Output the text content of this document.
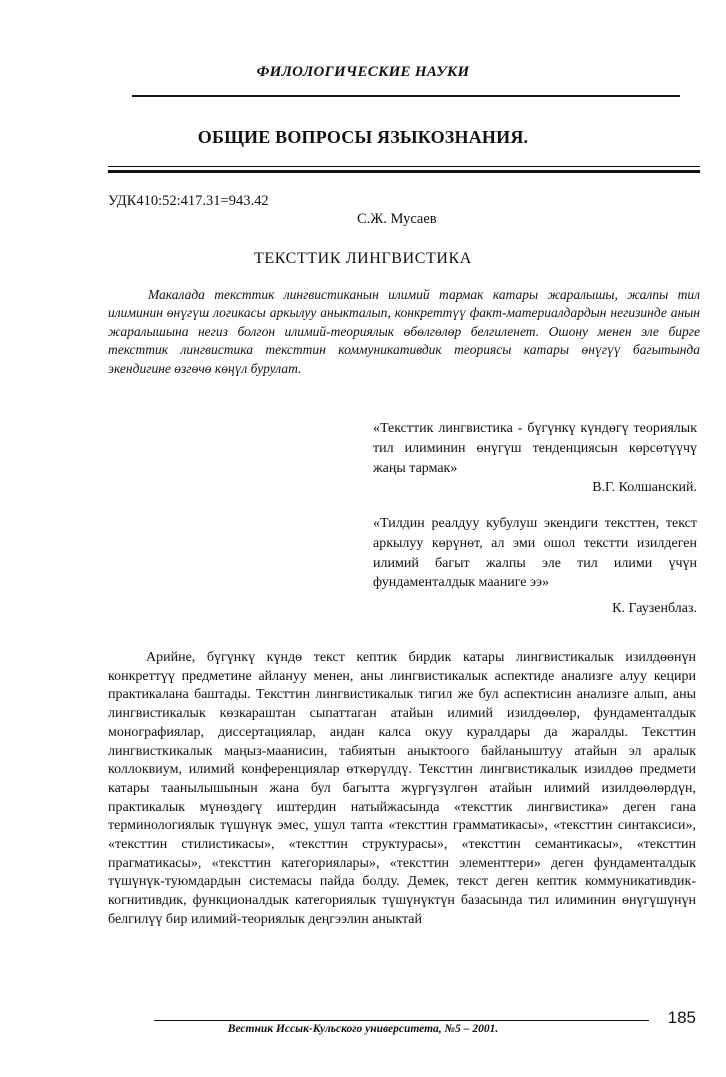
ФИЛОЛОГИЧЕСКИЕ НАУКИ
ОБЩИЕ ВОПРОСЫ ЯЗЫКОЗНАНИЯ.
УДК410:52:417.31=943.42
С.Ж. Мусаев
ТЕКСТТИК ЛИНГВИСТИКА
Макалада тексттик лингвистиканын илимий тармак катары жаралышы, жалпы тил илиминин өнүгүш логикасы аркылуу аныкталып, конкреттүү факт-материалдардын негизинде анын жаралышына негиз болгон илимий-теориялык өбөлгөлөр белгиленет. Ошону менен эле бирге тексттик лингвистика тексттин коммуникативдик теориясы катары өнүгүү багытында экендигине өзгөчө көңүл бурулат.
«Тексттик лингвистика - бүгүнкү күндөгү теориялык тил илиминин өнүгүш тенденциясын көрсөтүүчү жаңы тармак»
В.Г. Колшанский.
«Тилдин реалдуу кубулуш экендиги тексттен, текст аркылуу көрүнөт, ал эми ошол текстти изилдеген илимий багыт жалпы эле тил илими үчүн фундаменталдык мааниге ээ»
К. Гаузенблаз.
Арийне, бүгүнкү күндө текст кептик бирдик катары лингвистикалык изилдөөнүн конкреттүү предметине айлануу менен, аны лингвистикалык аспектиде анализге алуу кецири практикалана баштады. Тексттин лингвистикалык тигил же бул аспектисин анализге алып, аны лингвистикалык көзкараштан сыпаттаган атайын илимий изилдөөлөр, фундаменталдык монографиялар, диссертациялар, андан калса окуу куралдары да жаралды. Тексттин лингвисткикалык маңыз-маанисин, табиятын аныктоого байланыштуу атайын эл аралык коллоквиум, илимий конференциялар өткөрүлдү. Тексттин лингвистикалык изилдөө предмети катары таанылышынын жана бул багытта жүргүзүлгөн атайын илимий изилдөөлөрдүн, практикалык мүнөздөгү иштердин натыйжасында «тексттик лингвистика» деген гана терминологиялык түшүнүк эмес, ушул тапта «тексттин грамматикасы», «тексттин синтаксиси», «тексттин стилистикасы», «тексттин структурасы», «тексттин семантикасы», «тексттин прагматикасы», «тексттин категориялары», «тексттин элементтери» деген фундаменталдык түшүнүк-туюмдардын системасы пайда болду. Демек, текст деген кептик коммуникативдик-когнитивдик, функционалдык категориялык түшүнүктүн базасында тил илиминин өнүгүшүнүн белгилүү бир илимий-теориялык деңгээлин аныктай
185
Вестник Иссык-Кульского университета, №5 – 2001.
